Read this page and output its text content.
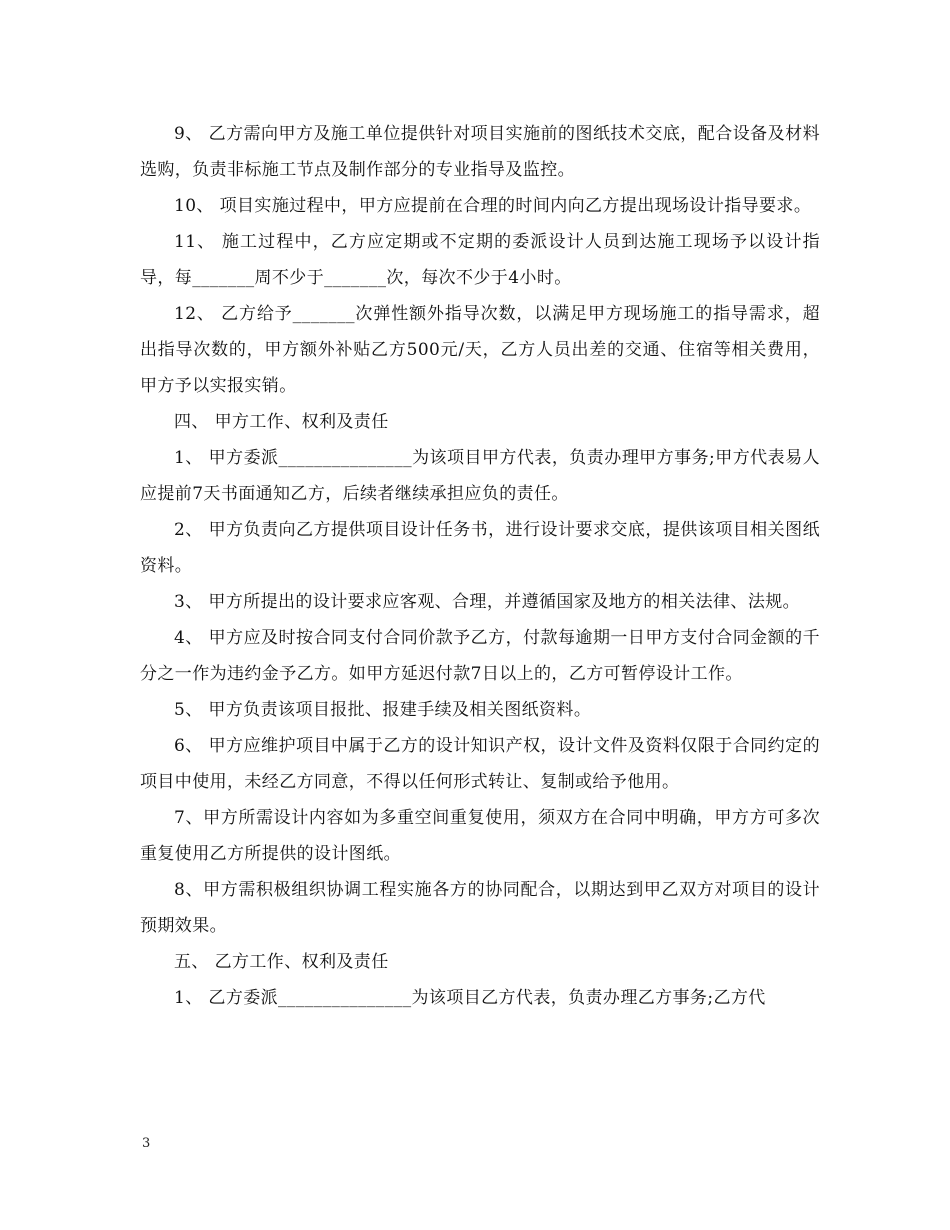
9、 乙方需向甲方及施工单位提供针对项目实施前的图纸技术交底，配合设备及材料选购，负责非标施工节点及制作部分的专业指导及监控。

10、 项目实施过程中，甲方应提前在合理的时间内向乙方提出现场设计指导要求。

11、 施工过程中，乙方应定期或不定期的委派设计人员到达施工现场予以设计指导，每_______周不少于_______次，每次不少于4小时。

12、 乙方给予_______次弹性额外指导次数，以满足甲方现场施工的指导需求，超出指导次数的，甲方额外补贴乙方500元/天，乙方人员出差的交通、住宿等相关费用，甲方予以实报实销。

四、 甲方工作、权利及责任

1、 甲方委派_______________为该项目甲方代表，负责办理甲方事务;甲方代表易人应提前7天书面通知乙方，后续者继续承担应负的责任。

2、 甲方负责向乙方提供项目设计任务书，进行设计要求交底，提供该项目相关图纸资料。

3、 甲方所提出的设计要求应客观、合理，并遵循国家及地方的相关法律、法规。

4、 甲方应及时按合同支付合同价款予乙方，付款每逾期一日甲方支付合同金额的千分之一作为违约金予乙方。如甲方延迟付款7日以上的，乙方可暂停设计工作。

5、 甲方负责该项目报批、报建手续及相关图纸资料。

6、 甲方应维护项目中属于乙方的设计知识产权，设计文件及资料仅限于合同约定的项目中使用，未经乙方同意，不得以任何形式转让、复制或给予他用。

7、甲方所需设计内容如为多重空间重复使用，须双方在合同中明确，甲方方可多次重复使用乙方所提供的设计图纸。

8、甲方需积极组织协调工程实施各方的协同配合，以期达到甲乙双方对项目的设计预期效果。

五、 乙方工作、权利及责任

1、 乙方委派_______________为该项目乙方代表，负责办理乙方事务;乙方代

3
